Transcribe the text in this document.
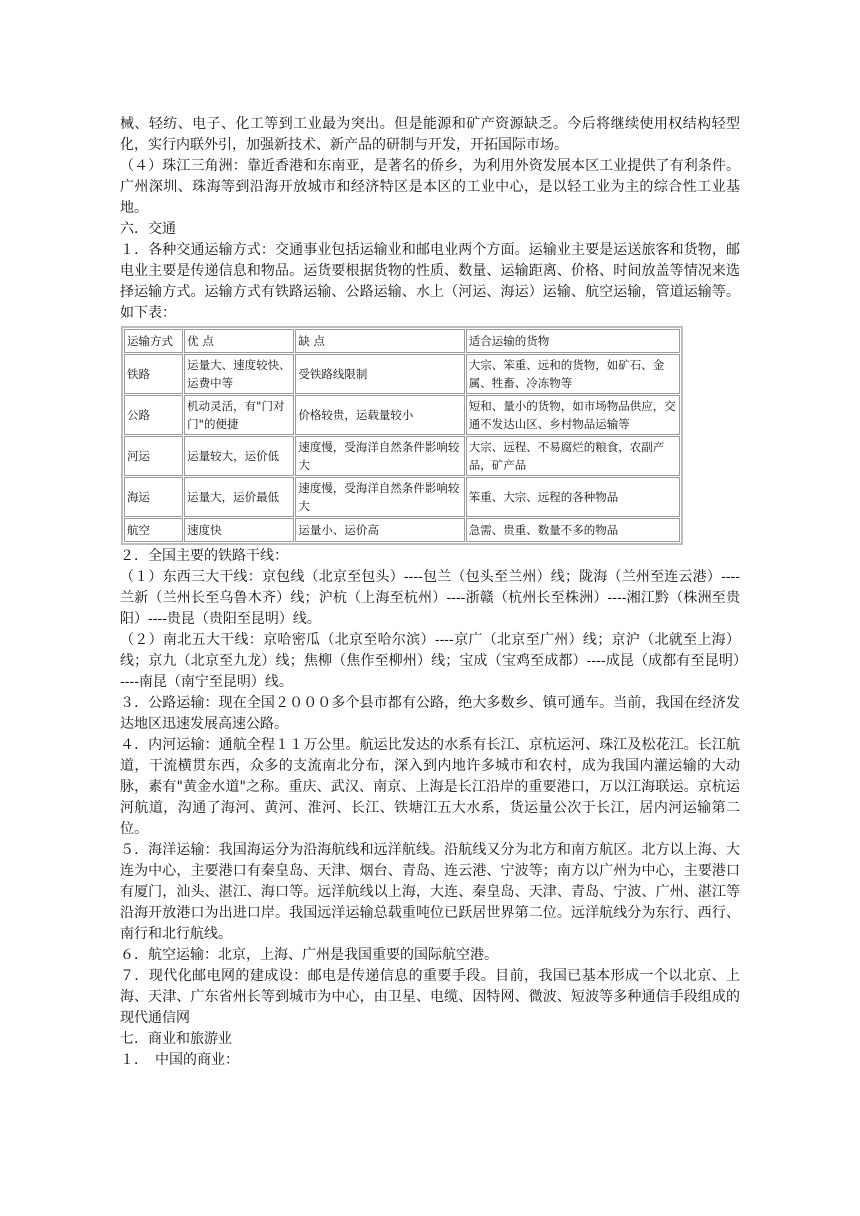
械、轻纺、电子、化工等到工业最为突出。但是能源和矿产资源缺乏。今后将继续使用权结构轻型化，实行内联外引，加强新技术、新产品的研制与开发，开拓国际市场。

（４）珠江三角洲：靠近香港和东南亚，是著名的侨乡，为利用外资发展本区工业提供了有利条件。广州深圳、珠海等到沿海开放城市和经济特区是本区的工业中心，是以轻工业为主的综合性工业基地。

六．交通

１．各种交通运输方式：交通事业包括运输业和邮电业两个方面。运输业主要是运送旅客和货物，邮电业主要是传递信息和物品。运货要根据货物的性质、数量、运输距离、价格、时间放盖等情况来选择运输方式。运输方式有铁路运输、公路运输、水上（河运、海运）运输、航空运输，管道运输等。如下表：

运输方式	优 点	缺 点	适合运输的货物
铁路	运量大、速度较快、运费中等	受铁路线限制	大宗、笨重、远和的货物，如矿石、金属、牲畜、冷冻物等
公路	机动灵活，有"门对门"的便捷	价格较贵，运载量较小	短和、量小的货物，如市场物品供应，交通不发达山区、乡村物品运输等
河运	运量较大，运价低	速度慢，受海洋自然条件影响较大	大宗、远程、不易腐烂的粮食，农副产品，矿产品
海运	运量大，运价最低	速度慢，受海洋自然条件影响较大	笨重、大宗、远程的各种物品
航空	速度快	运量小、运价高	急需、贵重、数量不多的物品

２．全国主要的铁路干线：

（１）东西三大干线：京包线（北京至包头）----包兰（包头至兰州）线；陇海（兰州至连云港）----兰新（兰州长至乌鲁木齐）线；沪杭（上海至杭州）----浙赣（杭州长至株洲）----湘江黔（株洲至贵阳）----贵昆（贵阳至昆明）线。

（２）南北五大干线：京哈密瓜（北京至哈尔滨）----京广（北京至广州）线；京沪（北就至上海）线；京九（北京至九龙）线；焦柳（焦作至柳州）线；宝成（宝鸡至成都）----成昆（成都有至昆明）----南昆（南宁至昆明）线。

３．公路运输：现在全国２０００多个县市都有公路，绝大多数乡、镇可通车。当前，我国在经济发达地区迅速发展高速公路。

４．内河运输：通航全程１１万公里。航运比发达的水系有长江、京杭运河、珠江及松花江。长江航道，干流横贯东西，众多的支流南北分布，深入到内地许多城市和农村，成为我国内灌运输的大动脉，素有"黄金水道"之称。重庆、武汉、南京、上海是长江沿岸的重要港口，万以江海联运。京杭运河航道，沟通了海河、黄河、淮河、长江、铁塘江五大水系，货运量公次于长江，居内河运输第二位。

５．海洋运输：我国海运分为沿海航线和远洋航线。沿航线又分为北方和南方航区。北方以上海、大连为中心，主要港口有秦皇岛、天津、烟台、青岛、连云港、宁波等；南方以广州为中心，主要港口有厦门，汕头、湛江、海口等。远洋航线以上海，大连、秦皇岛、天津、青岛、宁波、广州、湛江等沿海开放港口为出进口岸。我国远洋运输总载重吨位已跃居世界第二位。远洋航线分为东行、西行、南行和北行航线。

６．航空运输：北京，上海、广州是我国重要的国际航空港。

７．现代化邮电网的建成设：邮电是传递信息的重要手段。目前，我国已基本形成一个以北京、上海、天津、广东省州长等到城市为中心，由卫星、电缆、因特网、微波、短波等多种通信手段组成的现代通信网

七．商业和旅游业

１．　中国的商业：
